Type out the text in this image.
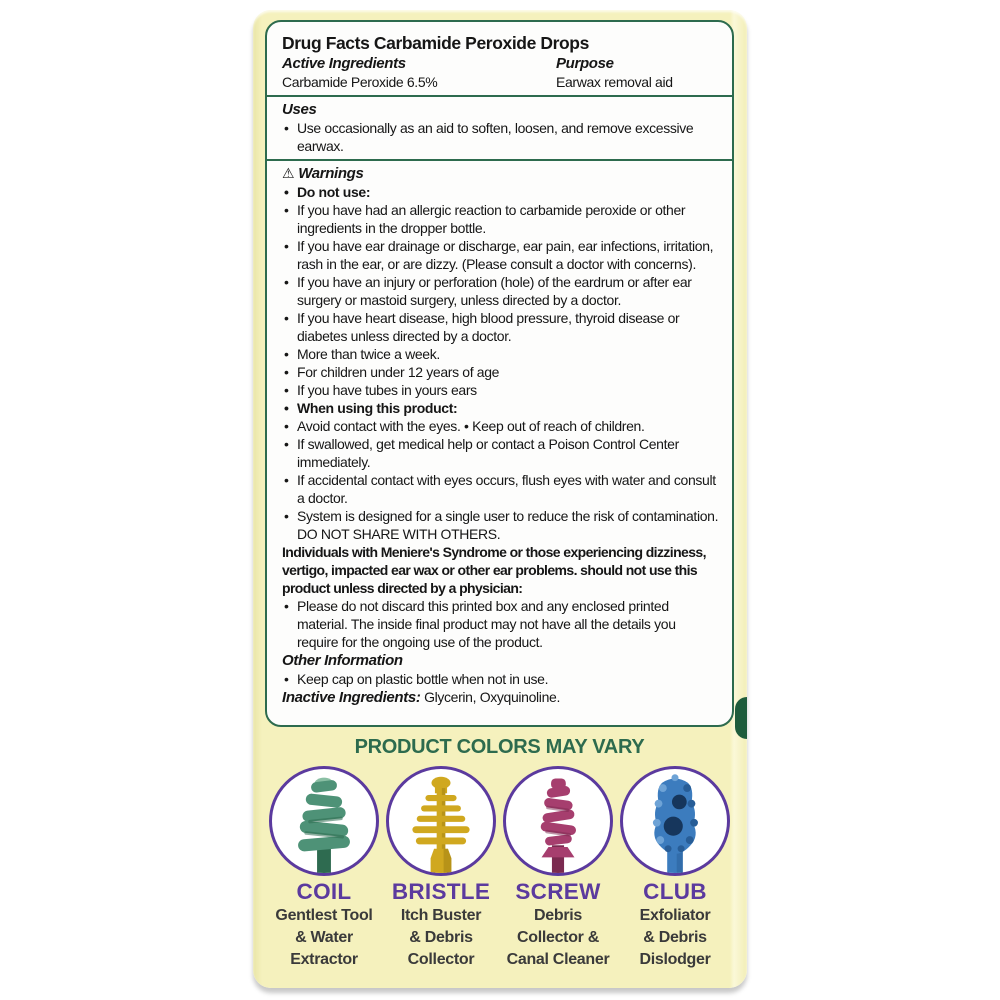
Drug Facts Carbamide Peroxide Drops
Active Ingredients
Carbamide Peroxide 6.5%
Purpose
Earwax removal aid
Uses
• Use occasionally as an aid to soften, loosen, and remove excessive earwax.
⚠ Warnings
• Do not use:
• If you have had an allergic reaction to carbamide peroxide or other ingredients in the dropper bottle.
• If you have ear drainage or discharge, ear pain, ear infections, irritation, rash in the ear, or are dizzy. (Please consult a doctor with concerns).
• If you have an injury or perforation (hole) of the eardrum or after ear surgery or mastoid surgery, unless directed by a doctor.
• If you have heart disease, high blood pressure, thyroid disease or diabetes unless directed by a doctor.
• More than twice a week.
• For children under 12 years of age
• If you have tubes in yours ears
• When using this product:
• Avoid contact with the eyes. • Keep out of reach of children.
• If swallowed, get medical help or contact a Poison Control Center immediately.
• If accidental contact with eyes occurs, flush eyes with water and consult a doctor.
• System is designed for a single user to reduce the risk of contamination. DO NOT SHARE WITH OTHERS.

Individuals with Meniere's Syndrome or those experiencing dizziness, vertigo, impacted ear wax or other ear problems. should not use this product unless directed by a physician:

• Please do not discard this printed box and any enclosed printed material. The inside final product may not have all the details you require for the ongoing use of the product.
Other Information
• Keep cap on plastic bottle when not in use.

Inactive Ingredients: Glycerin, Oxyquinoline.

PRODUCT COLORS MAY VARY
COIL
Gentlest Tool
& Water
Extractor
BRISTLE
Itch Buster
& Debris
Collector
SCREW
Debris
Collector &
Canal Cleaner
CLUB
Exfoliator
& Debris
Dislodger
